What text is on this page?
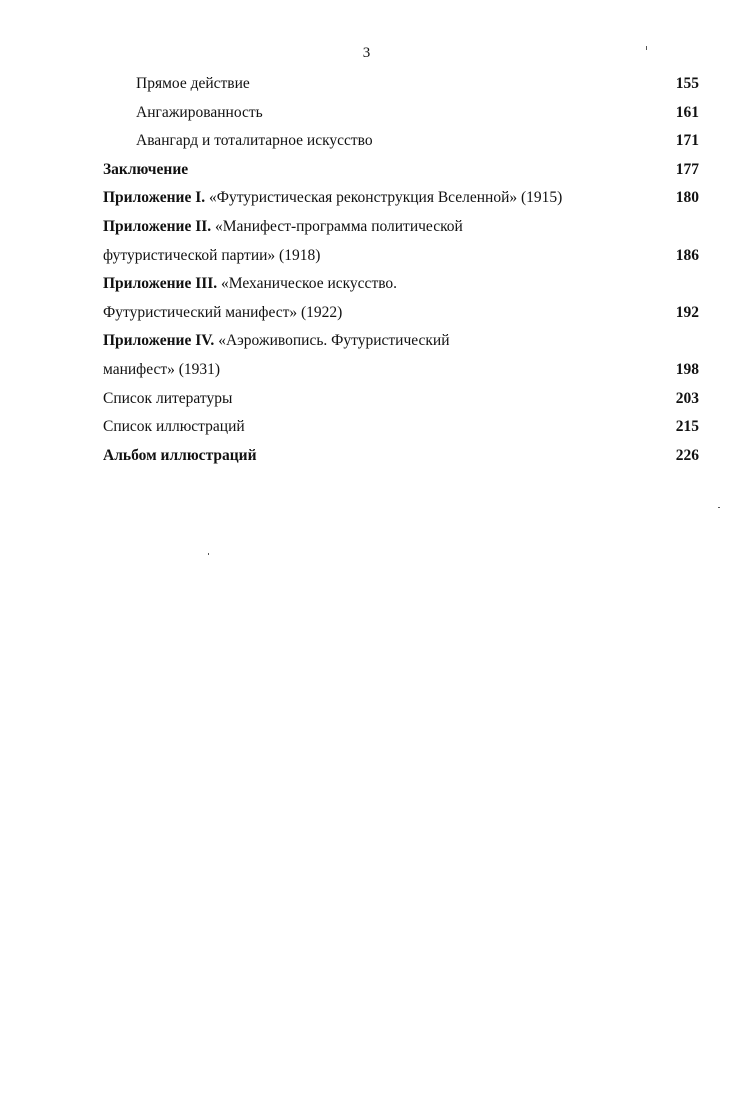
3
Прямое действие	155
Ангажированность	161
Авангард и тоталитарное искусство	171
Заключение	177
Приложение I. «Футуристическая реконструкция Вселенной» (1915)	180
Приложение II. «Манифест-программа политической
футуристической партии» (1918)	186
Приложение III. «Механическое искусство.
Футуристический манифест» (1922)	192
Приложение IV. «Аэроживопись. Футуристический
манифест» (1931)	198
Список литературы	203
Список иллюстраций	215
Альбом иллюстраций	226
